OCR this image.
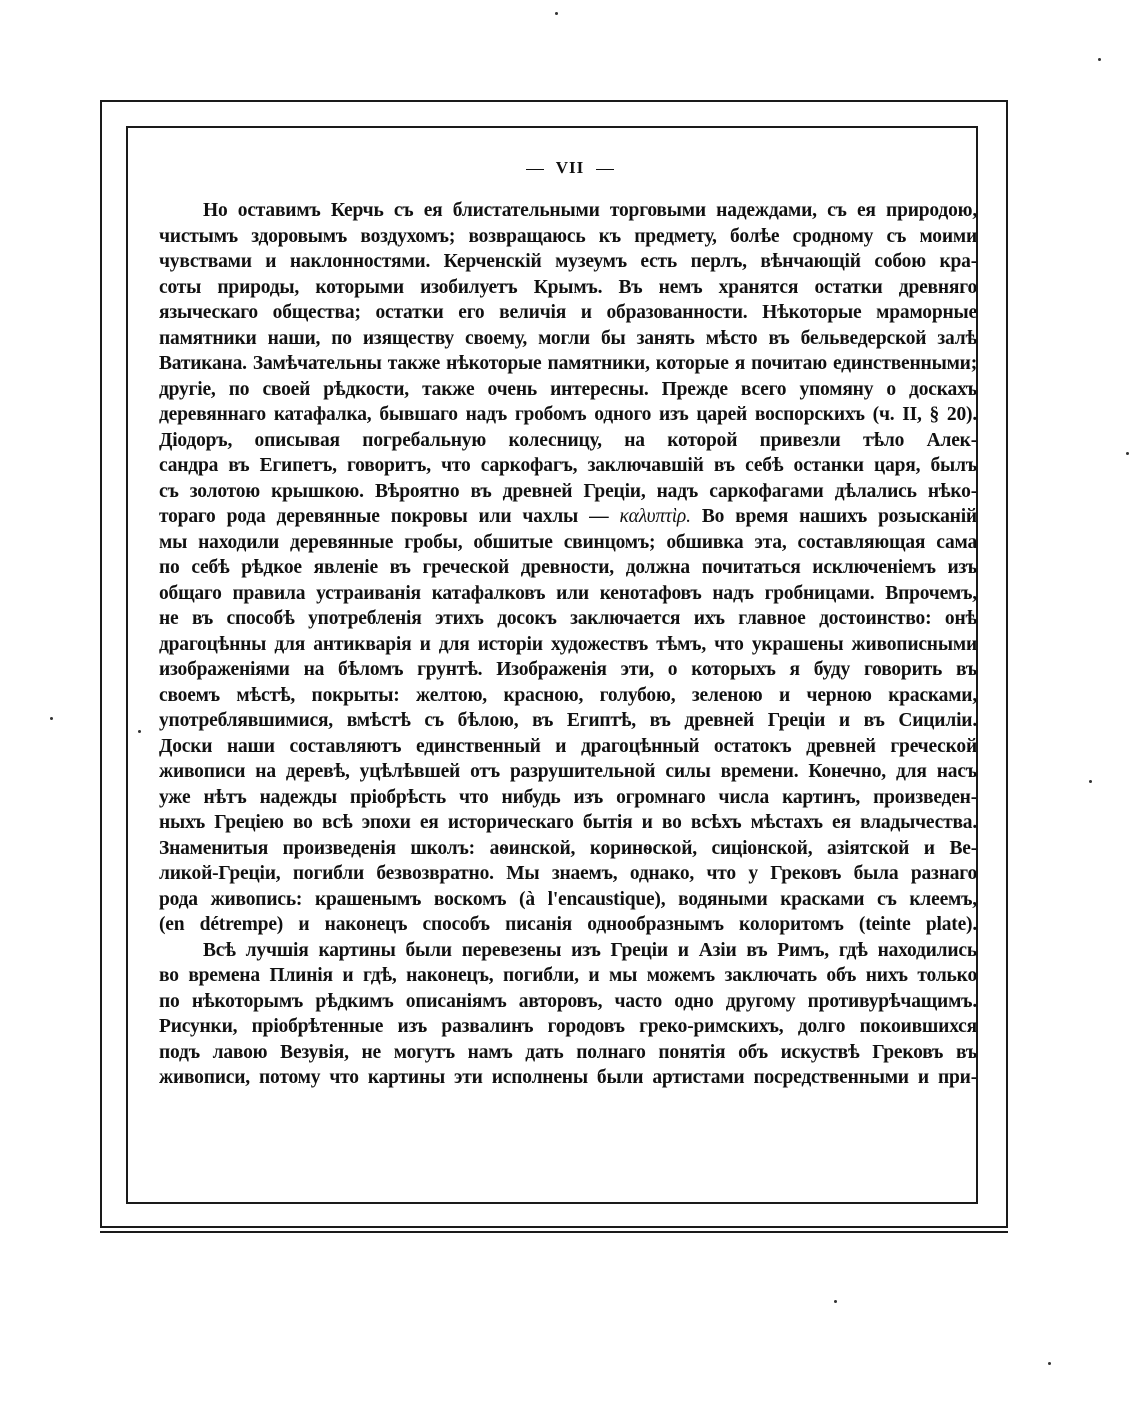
VII

Но оставимъ Керчь съ ея блистательными торговыми надеждами, съ ея природою,
чистымъ здоровымъ воздухомъ; возвращаюсь къ предмету, болѣе сродному съ моими
чувствами и наклонностями. Керченскій музеумъ есть перлъ, вѣнчающій собою кра-
соты природы, которыми изобилуетъ Крымъ. Въ немъ хранятся остатки древняго
языческаго общества; остатки его величія и образованности. Нѣкоторые мраморные
памятники наши, по изяществу своему, могли бы занять мѣсто въ бельведерской залѣ
Ватикана. Замѣчательны также нѣкоторые памятники, которые я почитаю единственными;
другіе, по своей рѣдкости, также очень интересны. Прежде всего упомяну о доскахъ
деревяннаго катафалка, бывшаго надъ гробомъ одного изъ царей воспорскихъ (ч. II, § 20).
Діодоръ, описывая погребальную колесницу, на которой привезли тѣло Алек-
сандра въ Египетъ, говоритъ, что саркофагъ, заключавшій въ себѣ останки царя, былъ
съ золотою крышкою. Вѣроятно въ древней Греціи, надъ саркофагами дѣлались нѣко-
тораго рода деревянные покровы или чахлы — καλυπτὶρ. Во время нашихъ розысканій
мы находили деревянные гробы, обшитые свинцомъ; обшивка эта, составляющая сама
по себѣ рѣдкое явленіе въ греческой древности, должна почитаться исключеніемъ изъ
общаго правила устраиванія катафалковъ или кенотафовъ надъ гробницами. Впрочемъ,
не въ способѣ употребленія этихъ досокъ заключается ихъ главное достоинство: онѣ
драгоцѣнны для антикварія и для исторіи художествъ тѣмъ, что украшены живописными
изображеніями на бѣломъ грунтѣ. Изображенія эти, о которыхъ я буду говорить въ
своемъ мѣстѣ, покрыты: желтою, красною, голубою, зеленою и черною красками,
употреблявшимися, вмѣстѣ съ бѣлою, въ Египтѣ, въ древней Греціи и въ Сициліи.
Доски наши составляютъ единственный и драгоцѣнный остатокъ древней греческой
живописи на деревѣ, уцѣлѣвшей отъ разрушительной силы времени. Конечно, для насъ
уже нѣтъ надежды пріобрѣсть что нибудь изъ огромнаго числа картинъ, произведен-
ныхъ Греціею во всѣ эпохи ея историческаго бытія и во всѣхъ мѣстахъ ея владычества.
Знаменитыя произведенія школъ: аѳинской, коринѳской, сиціонской, азіятской и Ве-
ликой-Греціи, погибли безвозвратно. Мы знаемъ, однако, что у Грековъ была разнаго
рода живопись: крашенымъ воскомъ (à l'encaustique), водяными красками съ клеемъ,
(en détrempe) и наконецъ способъ писанія однообразнымъ колоритомъ (teinte plate).

Всѣ лучшія картины были перевезены изъ Греціи и Азіи въ Римъ, гдѣ находились
во времена Плинія и гдѣ, наконецъ, погибли, и мы можемъ заключать объ нихъ только
по нѣкоторымъ рѣдкимъ описаніямъ авторовъ, часто одно другому противурѣчащимъ.
Рисунки, пріобрѣтенные изъ развалинъ городовъ греко-римскихъ, долго покоившихся
подъ лавою Везувія, не могутъ намъ дать полнаго понятія объ искуствѣ Грековъ въ
живописи, потому что картины эти исполнены были артистами посредственными и при-
